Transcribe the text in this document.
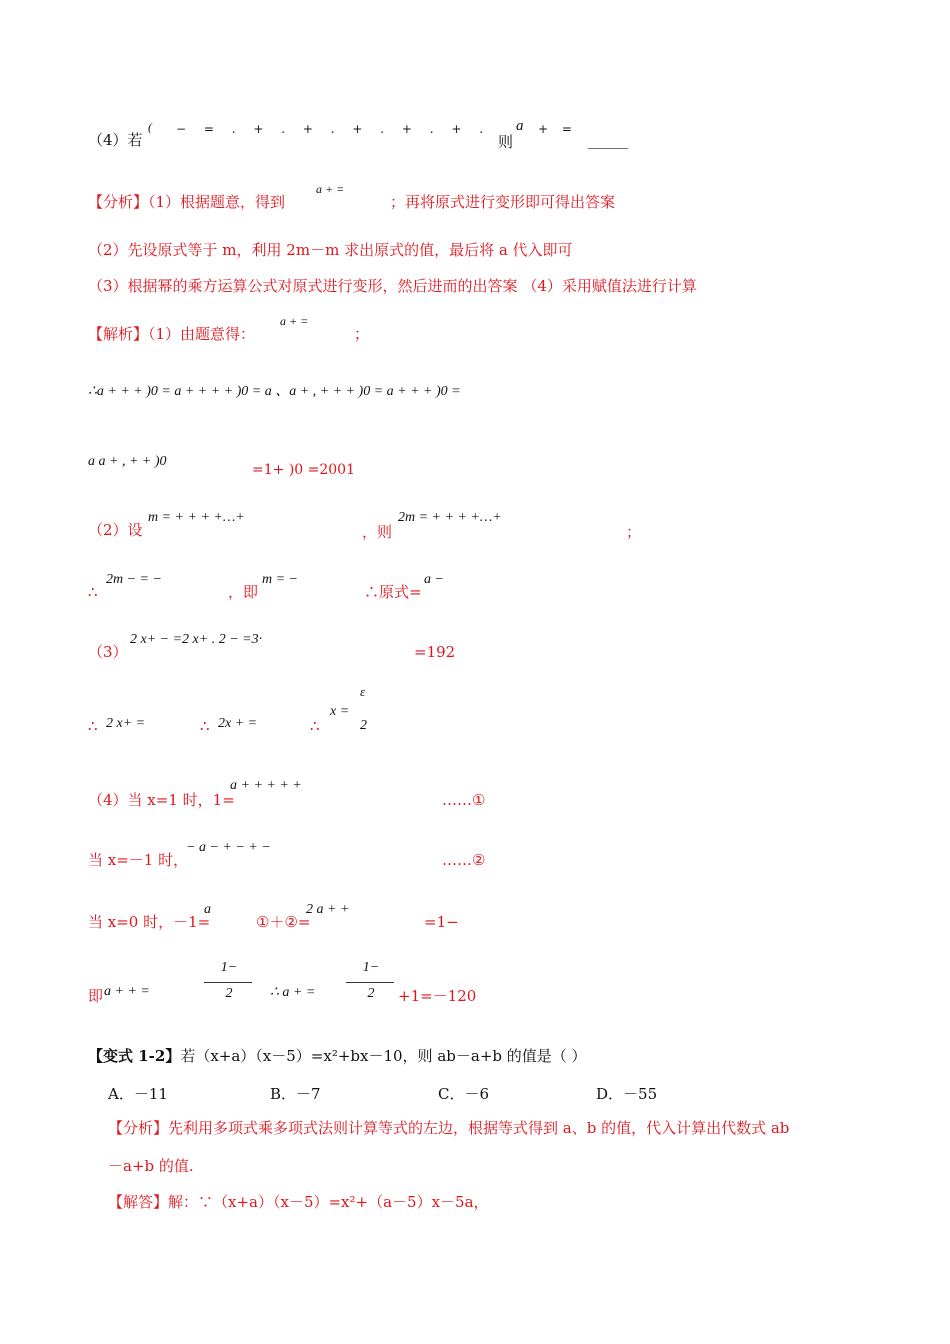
（4）若
( − = . + . + . + . + . + .
则
a + =
_____
【分析】（1）根据题意，得到
a + =
；再将原式进行变形即可得出答案
（2）先设原式等于 m，利用 2m－m 求出原式的值，最后将 a 代入即可
（3）根据幂的乘方运算公式对原式进行变形，然后进而的出答案 （4）采用赋值法进行计算
【解析】（1）由题意得：
a + =
；
∴a + + + )0 = a + + + + )0 = a 、a + , + + + )0 = a + + + )0 =
a a + , + + )0
=1+ )0 =2001
（2）设
m = + + + +…+
，则
2m = + + + +…+
；
∴
2m − = −
，即
m = −
∴原式=
a −
（3）
2 x+ − =2 x+ . 2 − =3·
=192
∴ 2 x+ =	∴ 2x + =	∴
x =
ε
2
（4）当 x=1 时，1=
a + + + + +
……①
当 x=－1 时，
− a − + − + −
……②
当 x=0 时，－1=
a
①＋②=
2 a + +
=1−
即 a + + =
1−
2	∴ a + =
1−
2	+1=－120
【变式 1-2】若（x+a）（x－5）=x²+bx－10，则 ab－a+b 的值是（ ）
A．－11	B．－7	C．－6	D．－55
【分析】先利用多项式乘多项式法则计算等式的左边，根据等式得到 a、b 的值，代入计算出代数式 ab
－a+b 的值.
【解答】解：∵（x+a）（x－5）=x²+（a－5）x－5a，
